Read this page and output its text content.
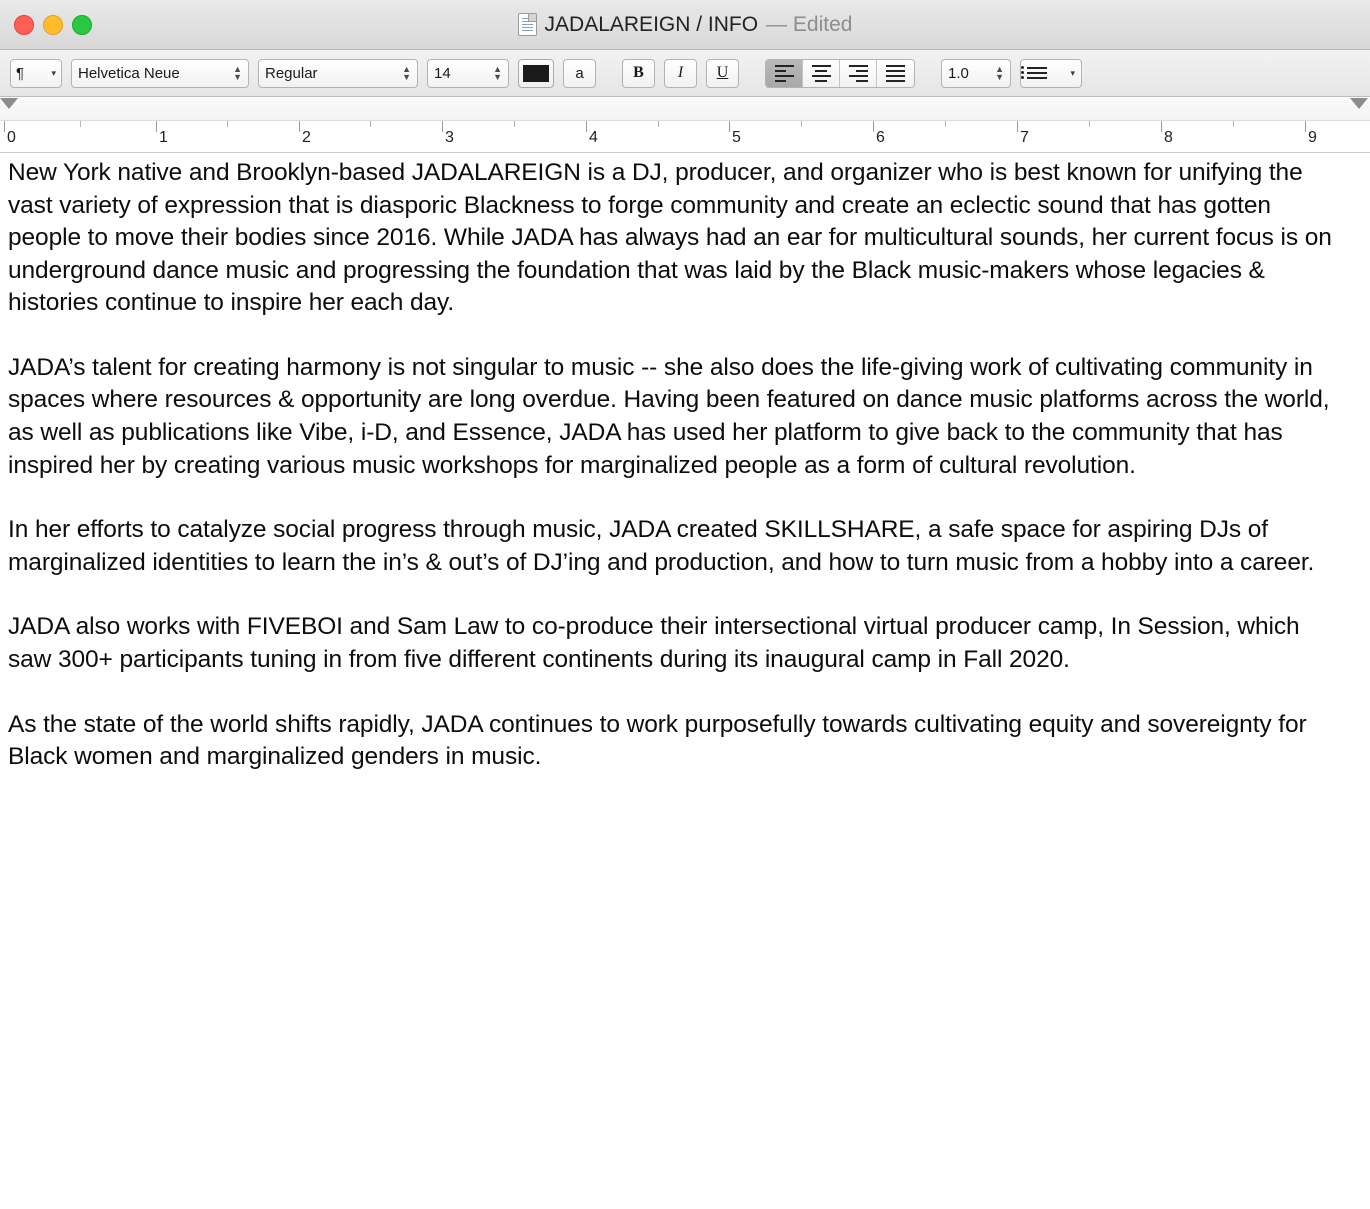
JADALAREIGN / INFO — Edited
¶	▾ Helvetica Neue	▲
▼ Regular	▲
▼ 14	▲
▼	a	B	I	U	1.0	▲
▼	▾
0	1	2	3	4	5	6	7	8	9

New York native and Brooklyn-based JADALAREIGN is a DJ, producer, and organizer who is best known for unifying the vast variety of expression that is diasporic Blackness to forge community and create an eclectic sound that has gotten people to move their bodies since 2016. While JADA has always had an ear for multicultural sounds, her current focus is on underground dance music and progressing the foundation that was laid by the Black music-makers whose legacies & histories continue to inspire her each day.

JADA’s talent for creating harmony is not singular to music -- she also does the life-giving work of cultivating community in spaces where resources & opportunity are long overdue. Having been featured on dance music platforms across the world, as well as publications like Vibe, i-D, and Essence, JADA has used her platform to give back to the community that has inspired her by creating various music workshops for marginalized people as a form of cultural revolution.

In her efforts to catalyze social progress through music, JADA created SKILLSHARE, a safe space for aspiring DJs of marginalized identities to learn the in’s & out’s of DJ’ing and production, and how to turn music from a hobby into a career.

JADA also works with FIVEBOI and Sam Law to co-produce their intersectional virtual producer camp, In Session, which saw 300+ participants tuning in from five different continents during its inaugural camp in Fall 2020.

As the state of the world shifts rapidly, JADA continues to work purposefully towards cultivating equity and sovereignty for Black women and marginalized genders in music.
